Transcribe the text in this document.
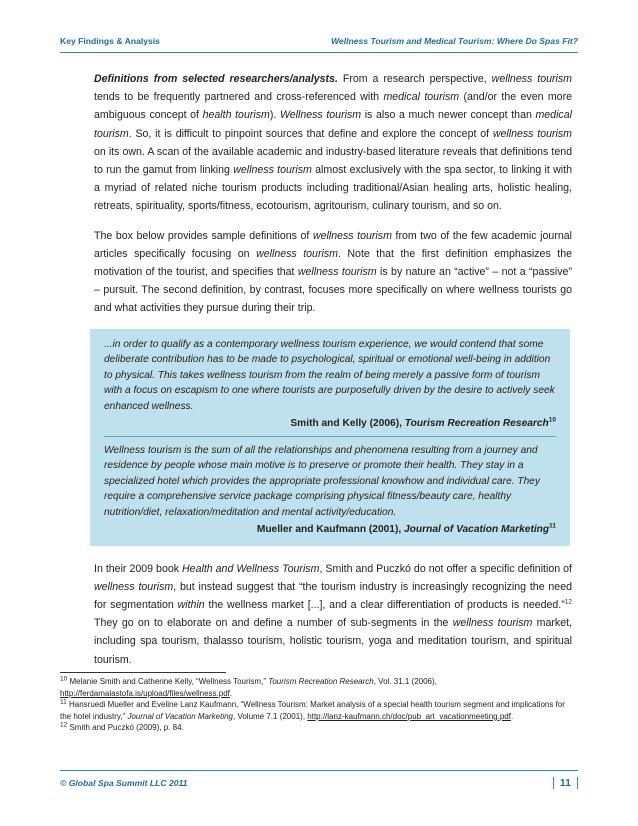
Key Findings & Analysis	Wellness Tourism and Medical Tourism: Where Do Spas Fit?

Definitions from selected researchers/analysts. From a research perspective, wellness tourism tends to be frequently partnered and cross-referenced with medical tourism (and/or the even more ambiguous concept of health tourism). Wellness tourism is also a much newer concept than medical tourism. So, it is difficult to pinpoint sources that define and explore the concept of wellness tourism on its own. A scan of the available academic and industry-based literature reveals that definitions tend to run the gamut from linking wellness tourism almost exclusively with the spa sector, to linking it with a myriad of related niche tourism products including traditional/Asian healing arts, holistic healing, retreats, spirituality, sports/fitness, ecotourism, agritourism, culinary tourism, and so on.

The box below provides sample definitions of wellness tourism from two of the few academic journal articles specifically focusing on wellness tourism. Note that the first definition emphasizes the motivation of the tourist, and specifies that wellness tourism is by nature an “active” – not a “passive” – pursuit. The second definition, by contrast, focuses more specifically on where wellness tourists go and what activities they pursue during their trip.

...in order to qualify as a contemporary wellness tourism experience, we would contend that some deliberate contribution has to be made to psychological, spiritual or emotional well-being in addition to physical. This takes wellness tourism from the realm of being merely a passive form of tourism with a focus on escapism to one where tourists are purposefully driven by the desire to actively seek enhanced wellness.

Smith and Kelly (2006), Tourism Recreation Research$^{10}$

Wellness tourism is the sum of all the relationships and phenomena resulting from a journey and residence by people whose main motive is to preserve or promote their health. They stay in a specialized hotel which provides the appropriate professional knowhow and individual care. They require a comprehensive service package comprising physical fitness/beauty care, healthy nutrition/diet, relaxation/meditation and mental activity/education.

Mueller and Kaufmann (2001), Journal of Vacation Marketing$^{11}$

In their 2009 book Health and Wellness Tourism, Smith and Puczkó do not offer a specific definition of wellness tourism, but instead suggest that “the tourism industry is increasingly recognizing the need for segmentation within the wellness market [...], and a clear differentiation of products is needed.”$^{12}$ They go on to elaborate on and define a number of sub-segments in the wellness tourism market, including spa tourism, thalasso tourism, holistic tourism, yoga and meditation tourism, and spiritual tourism.

$^{10}$ Melanie Smith and Catherine Kelly, “Wellness Tourism,” Tourism Recreation Research, Vol. 31.1 (2006),
http://ferdamalastofa.is/upload/files/wellness.pdf.
$^{11}$ Hansruedi Mueller and Eveline Lanz Kaufmann, “Wellness Tourism: Market analysis of a special health tourism segment and implications for the hotel industry,” Journal of Vacation Marketing, Volume 7.1 (2001), http://lanz-kaufmann.ch/doc/pub_art_vacationmeeting.pdf.
$^{12}$ Smith and Puczkó (2009), p. 84.
© Global Spa Summit LLC 2011	11
